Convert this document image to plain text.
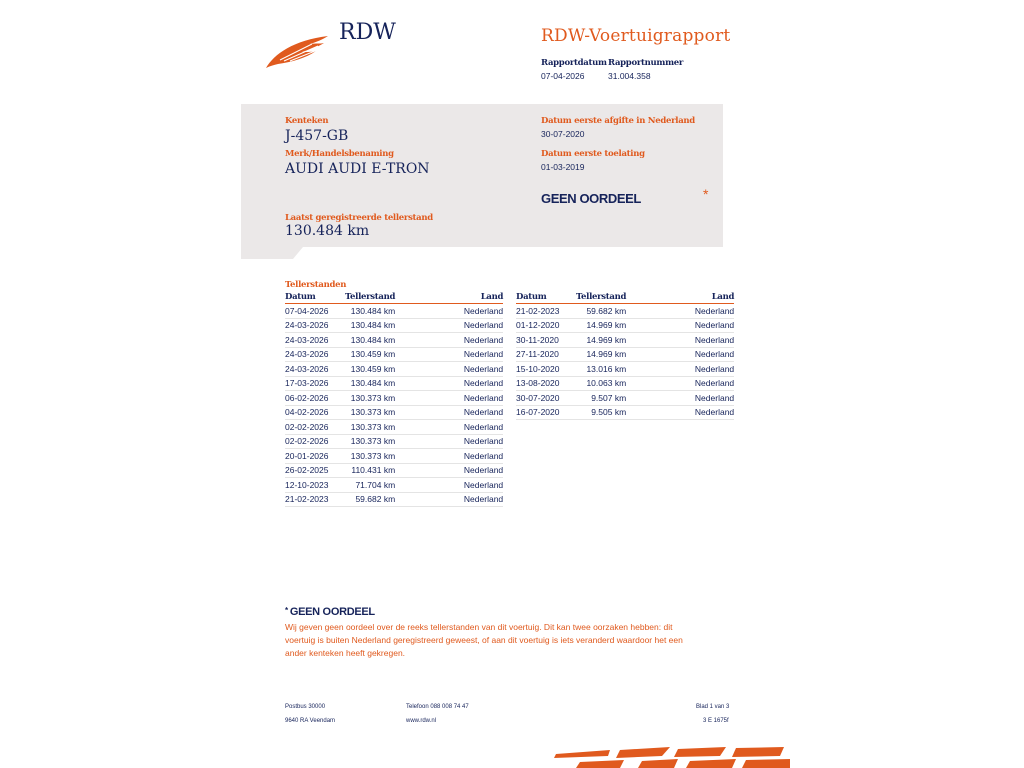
RDW	RDW-Voertuigrapport
Rapportdatum
07-04-2026
Rapportnummer
31.004.358
Kenteken
J-457-GB
Merk/Handelsbenaming
AUDI AUDI E-TRON
Laatst geregistreerde tellerstand
130.484 km
Datum eerste afgifte in Nederland
30-07-2020
Datum eerste toelating
01-03-2019
GEEN OORDEEL	*
Tellerstanden
Datum	Tellerstand	Land
07-04-2026	130.484 km	Nederland
24-03-2026	130.484 km	Nederland
24-03-2026	130.484 km	Nederland
24-03-2026	130.459 km	Nederland
24-03-2026	130.459 km	Nederland
17-03-2026	130.484 km	Nederland
06-02-2026	130.373 km	Nederland
04-02-2026	130.373 km	Nederland
02-02-2026	130.373 km	Nederland
02-02-2026	130.373 km	Nederland
20-01-2026	130.373 km	Nederland
26-02-2025	110.431 km	Nederland
12-10-2023	71.704 km	Nederland
21-02-2023	59.682 km	Nederland
Datum	Tellerstand	Land
21-02-2023	59.682 km	Nederland
01-12-2020	14.969 km	Nederland
30-11-2020	14.969 km	Nederland
27-11-2020	14.969 km	Nederland
15-10-2020	13.016 km	Nederland
13-08-2020	10.063 km	Nederland
30-07-2020	9.507 km	Nederland
16-07-2020	9.505 km	Nederland
* GEEN OORDEEL
Wij geven geen oordeel over de reeks tellerstanden van dit voertuig. Dit kan twee oorzaken hebben: dit voertuig is buiten Nederland geregistreerd geweest, of aan dit voertuig is iets veranderd waardoor het een ander kenteken heeft gekregen.
Postbus 30000
9640 RA Veendam
Telefoon 088 008 74 47
www.rdw.nl
Blad 1 van 3
3 E 1675f
